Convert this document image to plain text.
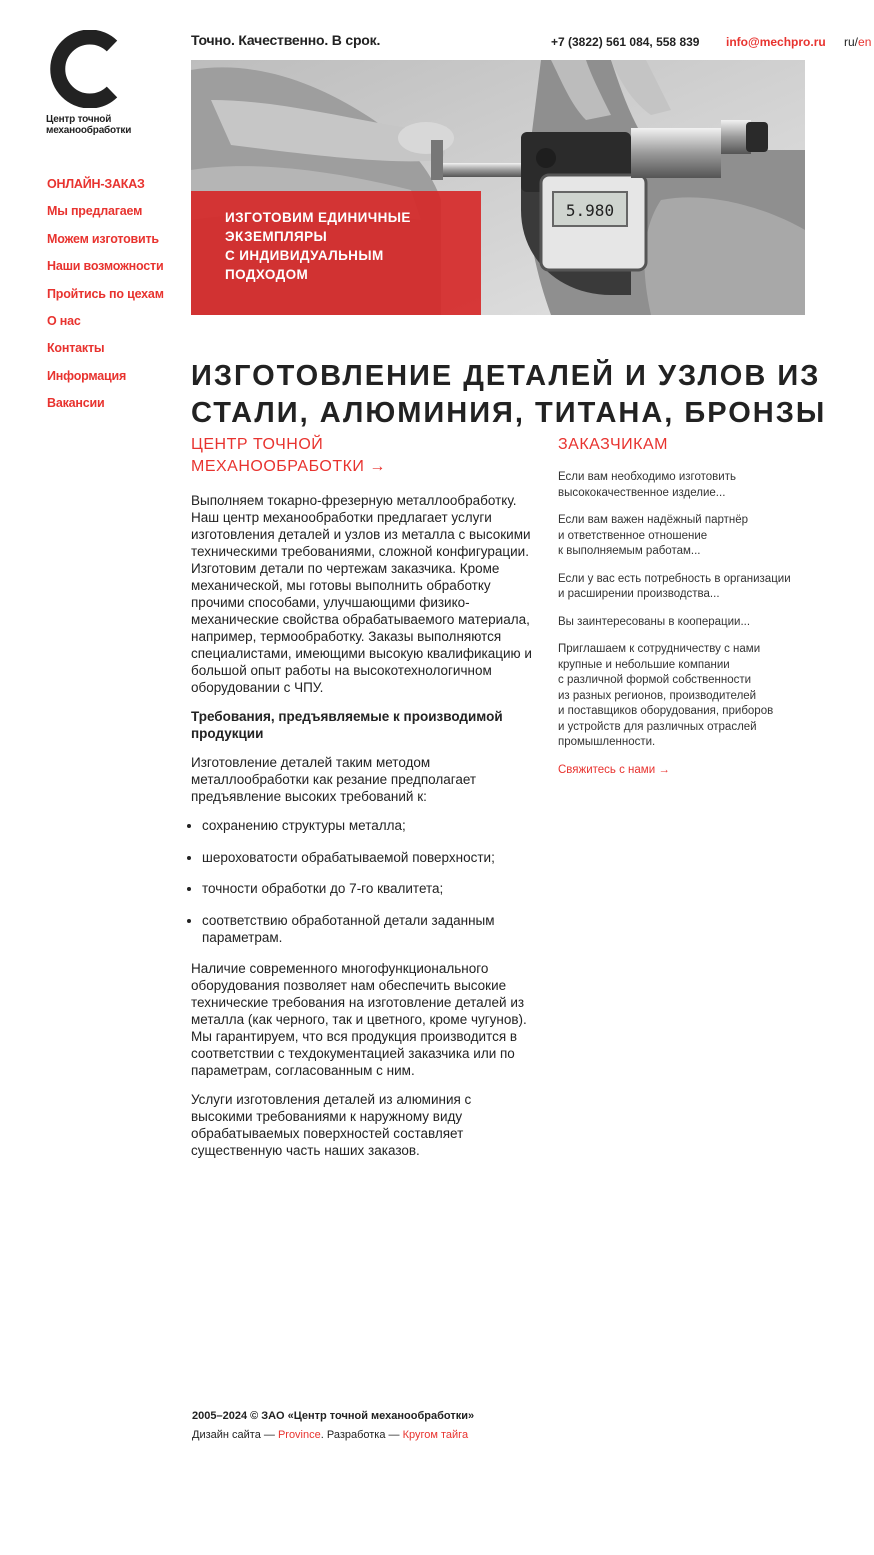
Центр точной механообработки
ОНЛАЙН-ЗАКАЗ
Мы предлагаем
Можем изготовить
Наши возможности
Пройтись по цехам
О нас
Контакты
Информация
Вакансии
Точно. Качественно. В срок.	+7 (3822) 561 084, 558 839 info@mechpro.ru ru/en
5.980
ИЗГОТОВИМ ЕДИНИЧНЫЕ
ЭКЗЕМПЛЯРЫ
С ИНДИВИДУАЛЬНЫМ
ПОДХОДОМ
ИЗГОТОВЛЕНИЕ ДЕТАЛЕЙ И УЗЛОВ ИЗ
СТАЛИ, АЛЮМИНИЯ, ТИТАНА, БРОНЗЫ
ЦЕНТР ТОЧНОЙ
МЕХАНООБРАБОТКИ →

Выполняем токарно-фрезерную металлообработку. Наш центр механообработки предлагает услуги изготовления деталей и узлов из металла с высокими техническими требованиями, сложной конфигурации. Изготовим детали по чертежам заказчика. Кроме механической, мы готовы выполнить обработку прочими способами, улучшающими физико-механические свойства обрабатываемого материала, например, термообработку. Заказы выполняются специалистами, имеющими высокую квалификацию и большой опыт работы на высокотехнологичном оборудовании с ЧПУ.

Требования, предъявляемые к производимой продукции

Изготовление деталей таким методом металлообработки как резание предполагает предъявление высоких требований к:

• сохранению структуры металла;
• шероховатости обрабатываемой поверхности;
• точности обработки до 7-го квалитета;
• соответствию обработанной детали заданным параметрам.

Наличие современного многофункционального оборудования позволяет нам обеспечить высокие технические требования на изготовление деталей из металла (как черного, так и цветного, кроме чугунов). Мы гарантируем, что вся продукция производится в соответствии с техдокументацией заказчика или по параметрам, согласованным с ним.

Услуги изготовления деталей из алюминия с высокими требованиями к наружному виду обрабатываемых поверхностей составляет существенную часть наших заказов.

ЗАКАЗЧИКАМ

Если вам необходимо изготовить
высококачественное изделие...

Если вам важен надёжный партнёр
и ответственное отношение
к выполняемым работам...

Если у вас есть потребность в организации
и расширении производства...

Вы заинтересованы в кооперации...

Приглашаем к сотрудничеству с нами
крупные и небольшие компании
с различной формой собственности
из разных регионов, производителей
и поставщиков оборудования, приборов
и устройств для различных отраслей
промышленности.

Свяжитесь с нами →
2005–2024 © ЗАО «Центр точной механообработки»
Дизайн сайта — Province. Разработка — Кругом тайга
